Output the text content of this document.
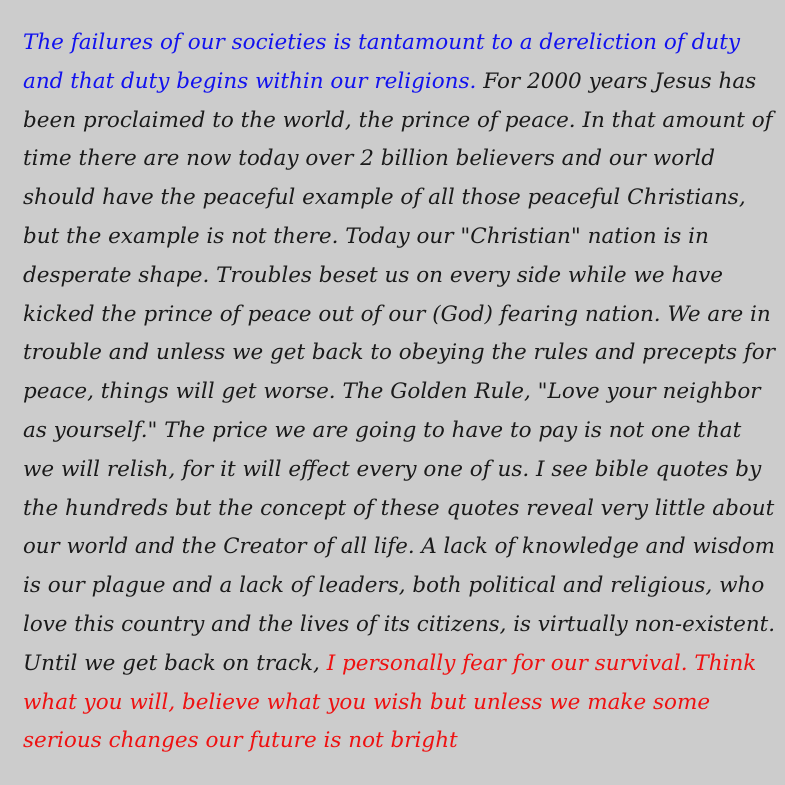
The failures of our societies is tantamount to a dereliction of duty
and that duty begins within our religions. For 2000 years Jesus has
been proclaimed to the world, the prince of peace. In that amount of
time there are now today over 2 billion believers and our world
should have the peaceful example of all those peaceful Christians,
but the example is not there. Today our "Christian" nation is in
desperate shape. Troubles beset us on every side while we have
kicked the prince of peace out of our (God) fearing nation. We are in
trouble and unless we get back to obeying the rules and precepts for
peace, things will get worse. The Golden Rule, "Love your neighbor
as yourself." The price we are going to have to pay is not one that
we will relish, for it will effect every one of us. I see bible quotes by
the hundreds but the concept of these quotes reveal very little about
our world and the Creator of all life. A lack of knowledge and wisdom
is our plague and a lack of leaders, both political and religious, who
love this country and the lives of its citizens, is virtually non-existent.
Until we get back on track, I personally fear for our survival. Think
what you will, believe what you wish but unless we make some
serious changes our future is not bright
